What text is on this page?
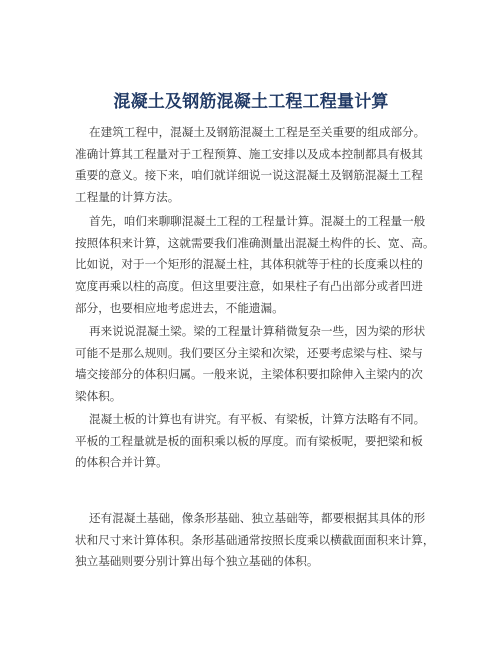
混凝土及钢筋混凝土工程工程量计算
在建筑工程中，混凝土及钢筋混凝土工程是至关重要的组成部分。
准确计算其工程量对于工程预算、施工安排以及成本控制都具有极其
重要的意义。接下来，咱们就详细说一说这混凝土及钢筋混凝土工程
工程量的计算方法。
首先，咱们来聊聊混凝土工程的工程量计算。混凝土的工程量一般
按照体积来计算，这就需要我们准确测量出混凝土构件的长、宽、高。
比如说，对于一个矩形的混凝土柱，其体积就等于柱的长度乘以柱的
宽度再乘以柱的高度。但这里要注意，如果柱子有凸出部分或者凹进
部分，也要相应地考虑进去，不能遗漏。
再来说说混凝土梁。梁的工程量计算稍微复杂一些，因为梁的形状
可能不是那么规则。我们要区分主梁和次梁，还要考虑梁与柱、梁与
墙交接部分的体积归属。一般来说，主梁体积要扣除伸入主梁内的次
梁体积。
混凝土板的计算也有讲究。有平板、有梁板，计算方法略有不同。
平板的工程量就是板的面积乘以板的厚度。而有梁板呢，要把梁和板
的体积合并计算。
还有混凝土基础，像条形基础、独立基础等，都要根据其具体的形
状和尺寸来计算体积。条形基础通常按照长度乘以横截面面积来计算，
独立基础则要分别计算出每个独立基础的体积。
